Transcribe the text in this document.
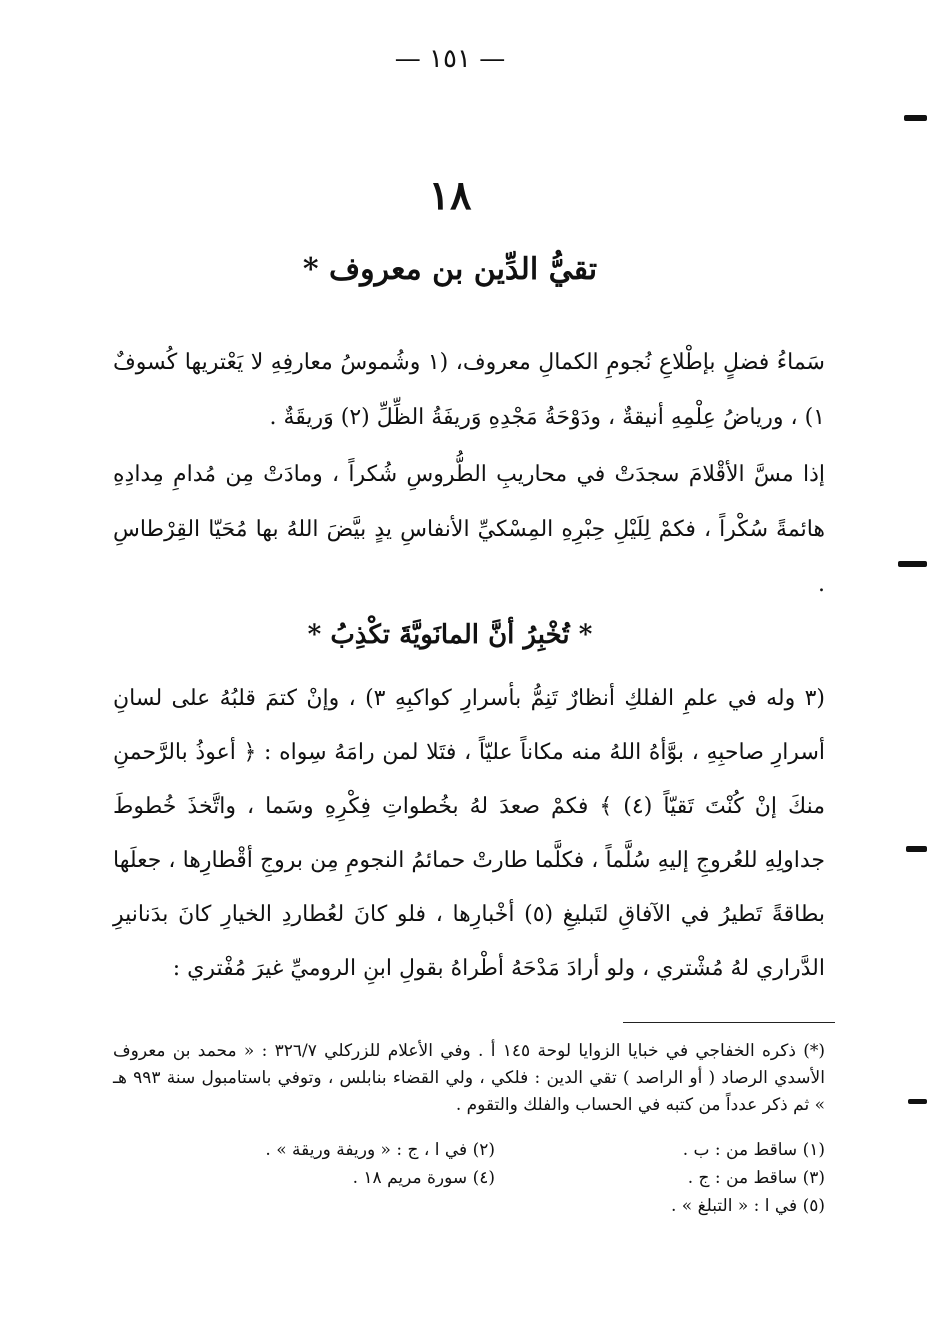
— ١٥١ —
١٨
تقيُّ الدِّين بن معروف *

سَماءُ فضلٍ بإطْلاعِ نُجومِ الكمالِ معروف، (١ وشُموسُ معارفِهِ لا يَعْتريها كُسوفٌ ١) ، ورياضُ عِلْمِهِ أنيقةٌ ، ودَوْحَةُ مَجْدِهِ وَريفَةُ الظِّلِّ (٢) وَريقَةٌ .

إذا مسَّ الأقْلامَ سجدَتْ في محاريبِ الطُّروسِ شُكراً ، ومادَتْ مِن مُدامِ مِدادِهِ هائمةً سُكْراً ، فكمْ لِلَيْلِ حِبْرِهِ المِسْكيِّ الأنفاسِ يدٍ بيَّضَ اللهُ بها مُحَيّا القِرْطاسِ .

* تُخْبِرُ أنَّ المانَويَّةَ تكْذِبُ *

(٣ وله في علمِ الفلكِ أنظارٌ تَنِمُّ بأسرارِ كواكبِهِ ٣) ، وإنْ كتمَ قلبُهُ على لسانِ أسرارِ صاحبِهِ ، بوَّأهُ اللهُ منه مكاناً عليّاً ، فتَلا لمن رامَهُ سِواه : ﴿ أعوذُ بالرَّحمنِ منكَ إنْ كُنْتَ تَقيّاً (٤) ﴾ فكمْ صعدَ لهُ بخُطواتِ فِكْرِهِ وسَما ، واتَّخذَ خُطوطَ جداولِهِ للعُروجِ إليهِ سُلَّماً ، فكلَّما طارتْ حمائمُ النجومِ مِن بروجِ أقْطارِها ، جعلَها بطاقةً تَطيرُ في الآفاقِ لتَبليغِ (٥) أخْبارِها ، فلو كانَ لعُطاردِ الخيارِ كانَ بدَنانيرِ الدَّراري لهُ مُشْتري ، ولو أرادَ مَدْحَهُ أطْراهُ بقولِ ابنِ الروميِّ غيرَ مُفْتري :

(*) ذكره الخفاجي في خبايا الزوايا لوحة ١٤٥ أ . وفي الأعلام للزركلي ٣٢٦/٧ : « محمد بن معروف الأسدي الرصاد ( أو الراصد ) تقي الدين : فلكي ، ولي القضاء بنابلس ، وتوفي باستامبول سنة ٩٩٣ هـ » ثم ذكر عدداً من كتبه في الحساب والفلك والتقوم .

(١) ساقط من : ب .
(٢) في ا ، ج : « وريفة وريقة » .
(٣) ساقط من : ج .
(٤) سورة مريم ١٨ .
(٥) في ا : « التبلغ » .
